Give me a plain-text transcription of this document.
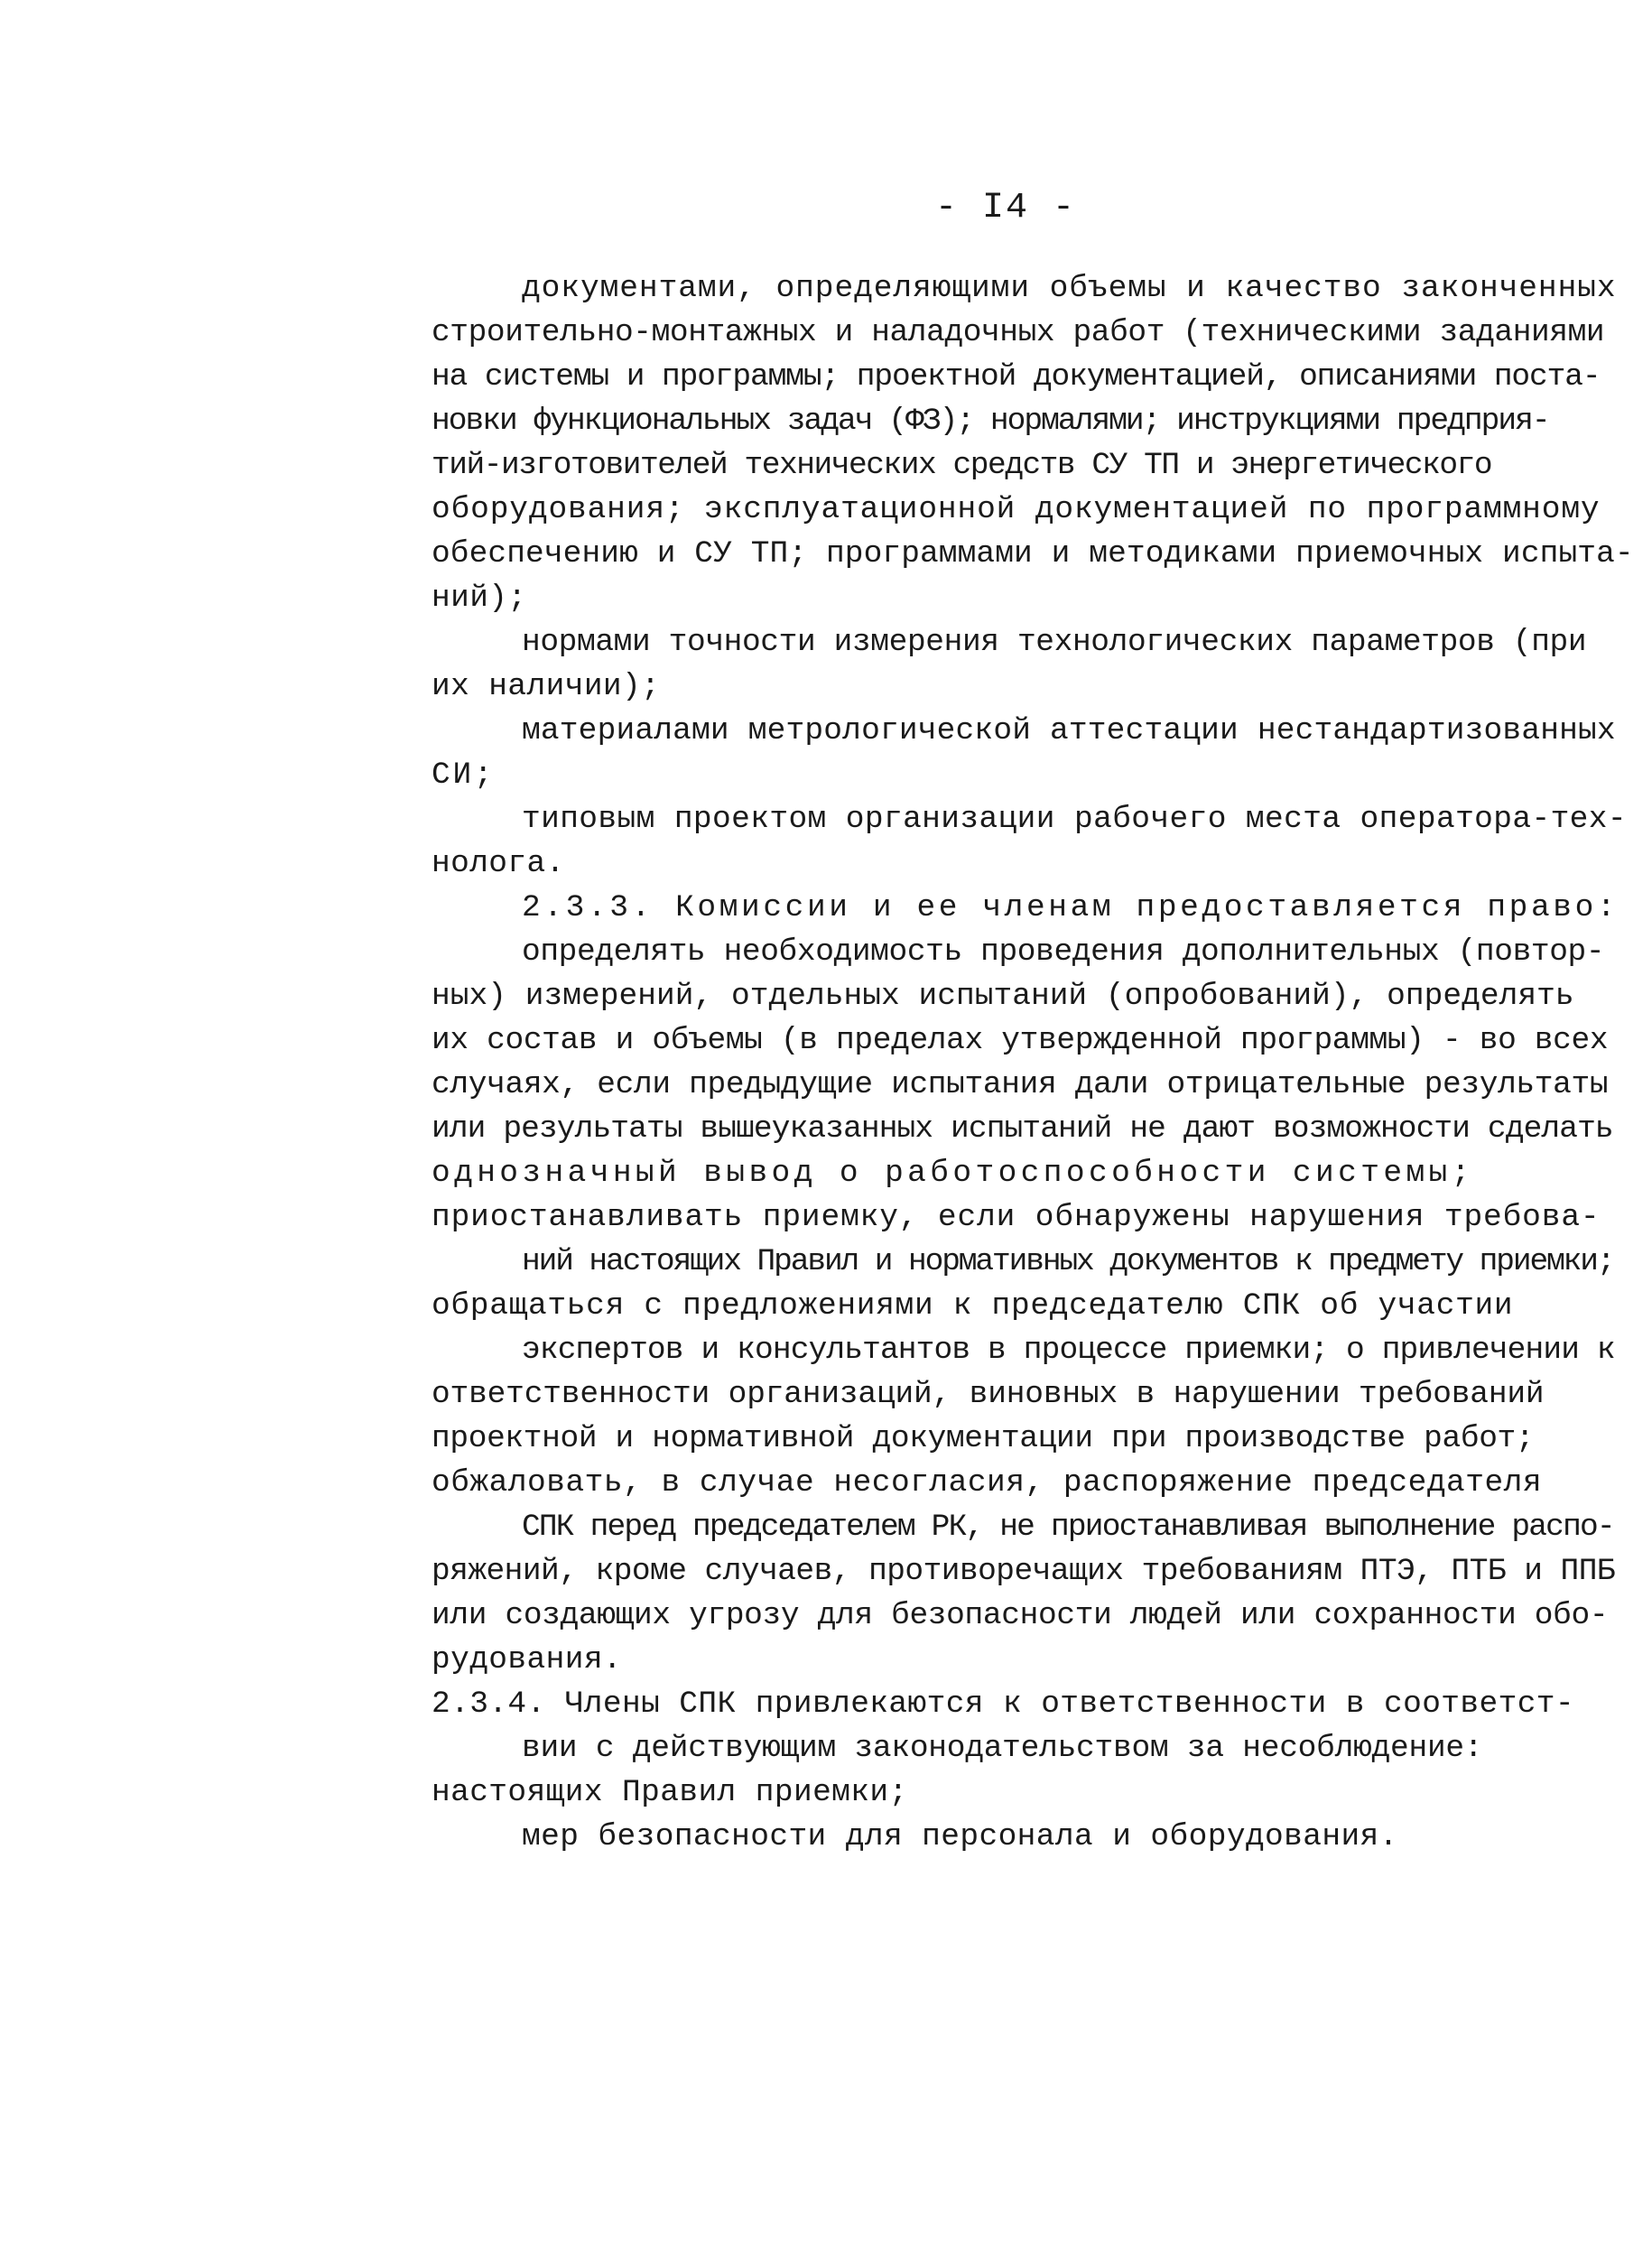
- I4 -
документами, определяющими объемы и качество законченных
строительно-монтажных и наладочных работ (техническими заданиями
на системы и программы; проектной документацией, описаниями поста-
новки функциональных задач (ФЗ); нормалями; инструкциями предприя-
тий-изготовителей технических средств СУ ТП и энергетического
оборудования; эксплуатационной документацией по программному
обеспечению и СУ ТП; программами и методиками приемочных испыта-
ний);
нормами точности измерения технологических параметров (при
их наличии);
материалами метрологической аттестации нестандартизованных
СИ;
типовым проектом организации рабочего места оператора-тех-
нолога.
2.3.3. Комиссии и ее членам предоставляется право:
определять необходимость проведения дополнительных (повтор-
ных) измерений, отдельных испытаний (опробований), определять
их состав и объемы (в пределах утвержденной программы) - во всех
случаях, если предыдущие испытания дали отрицательные результаты
или результаты вышеуказанных испытаний не дают возможности сделать
однозначный вывод о работоспособности системы;
приостанавливать приемку, если обнаружены нарушения требова-
ний настоящих Правил и нормативных документов к предмету приемки;
обращаться с предложениями к председателю СПК об участии
экспертов и консультантов в процессе приемки; о привлечении к
ответственности организаций, виновных в нарушении требований
проектной и нормативной документации при производстве работ;
обжаловать, в случае несогласия, распоряжение председателя
СПК перед председателем РК, не приостанавливая выполнение распо-
ряжений, кроме случаев, противоречащих требованиям ПТЭ, ПТБ и ППБ
или создающих угрозу для безопасности людей или сохранности обо-
рудования.
2.3.4. Члены СПК привлекаются к ответственности в соответст-
вии с действующим законодательством за несоблюдение:
настоящих Правил приемки;
мер безопасности для персонала и оборудования.
